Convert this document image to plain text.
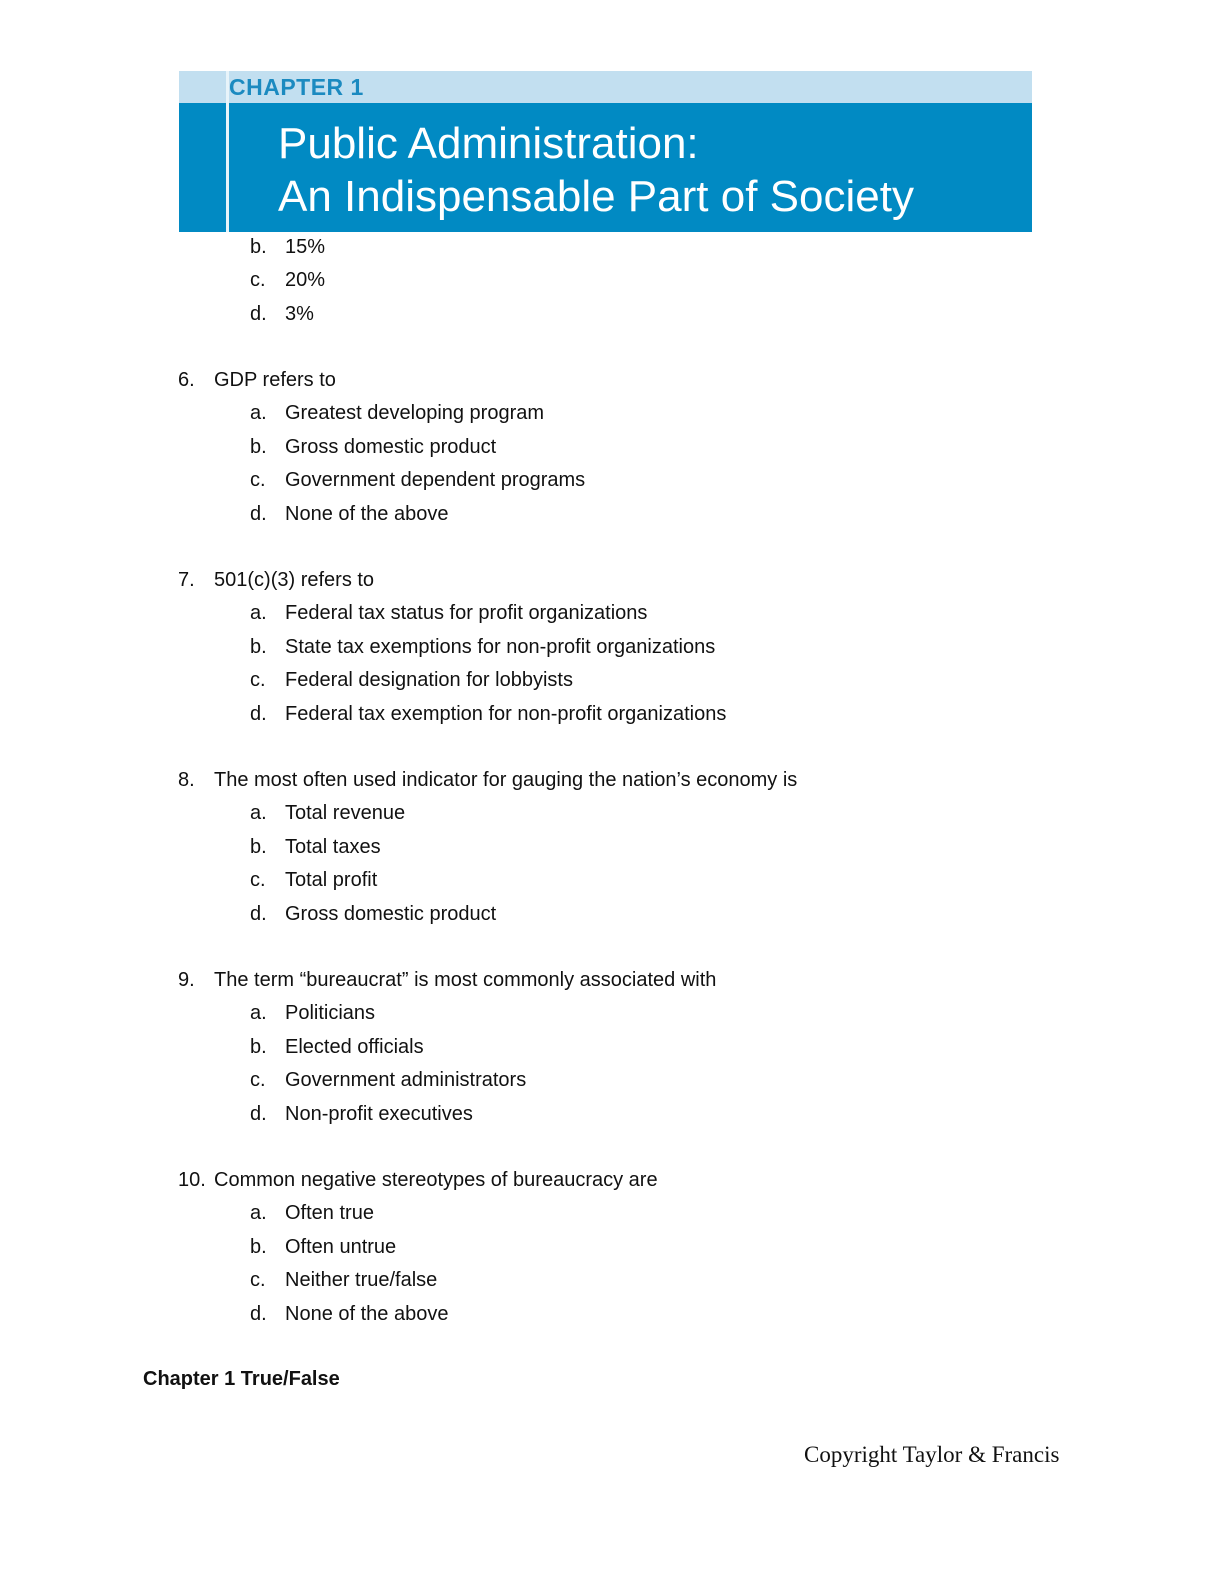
CHAPTER 1
Public Administration:
An Indispensable Part of Society
b. 15%
c. 20%
d. 3%
6. GDP refers to
a. Greatest developing program
b. Gross domestic product
c. Government dependent programs
d. None of the above
7. 501(c)(3) refers to
a. Federal tax status for profit organizations
b. State tax exemptions for non-profit organizations
c. Federal designation for lobbyists
d. Federal tax exemption for non-profit organizations
8. The most often used indicator for gauging the nation’s economy is
a. Total revenue
b. Total taxes
c. Total profit
d. Gross domestic product
9. The term “bureaucrat” is most commonly associated with
a. Politicians
b. Elected officials
c. Government administrators
d. Non-profit executives
10. Common negative stereotypes of bureaucracy are
a. Often true
b. Often untrue
c. Neither true/false
d. None of the above
Chapter 1 True/False
Copyright Taylor & Francis
